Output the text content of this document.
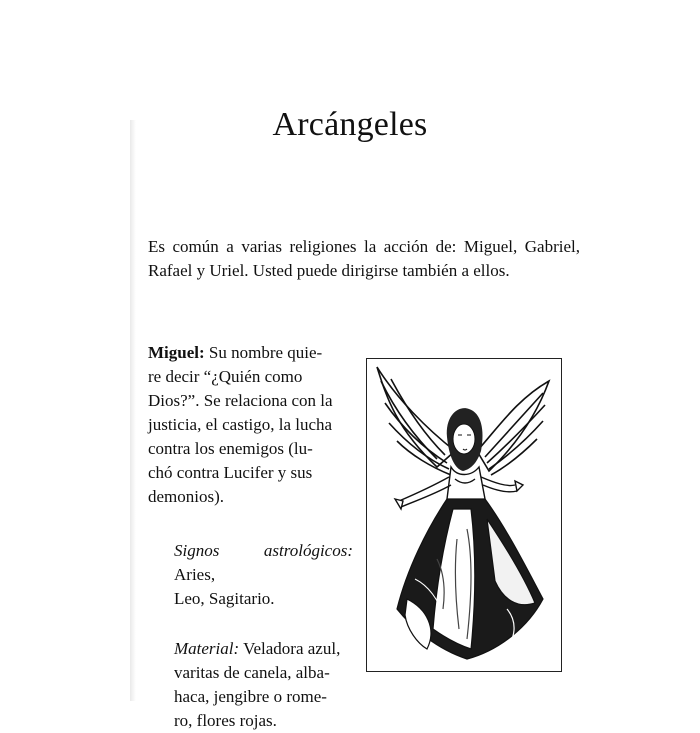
Arcángeles

Es común a varias religiones la acción de: Miguel, Gabriel, Rafael y Uriel. Usted puede dirigirse también a ellos.

Miguel: Su nombre quie-
re decir “¿Quién como
Dios?”. Se relaciona con la
justicia, el castigo, la lucha
contra los enemigos (lu-
chó contra Lucifer y sus
demonios).

Signos astrológicos: Aries,
Leo, Sagitario.

Material: Veladora azul,
varitas de canela, alba-
haca, jengibre o rome-
ro, flores rojas.
